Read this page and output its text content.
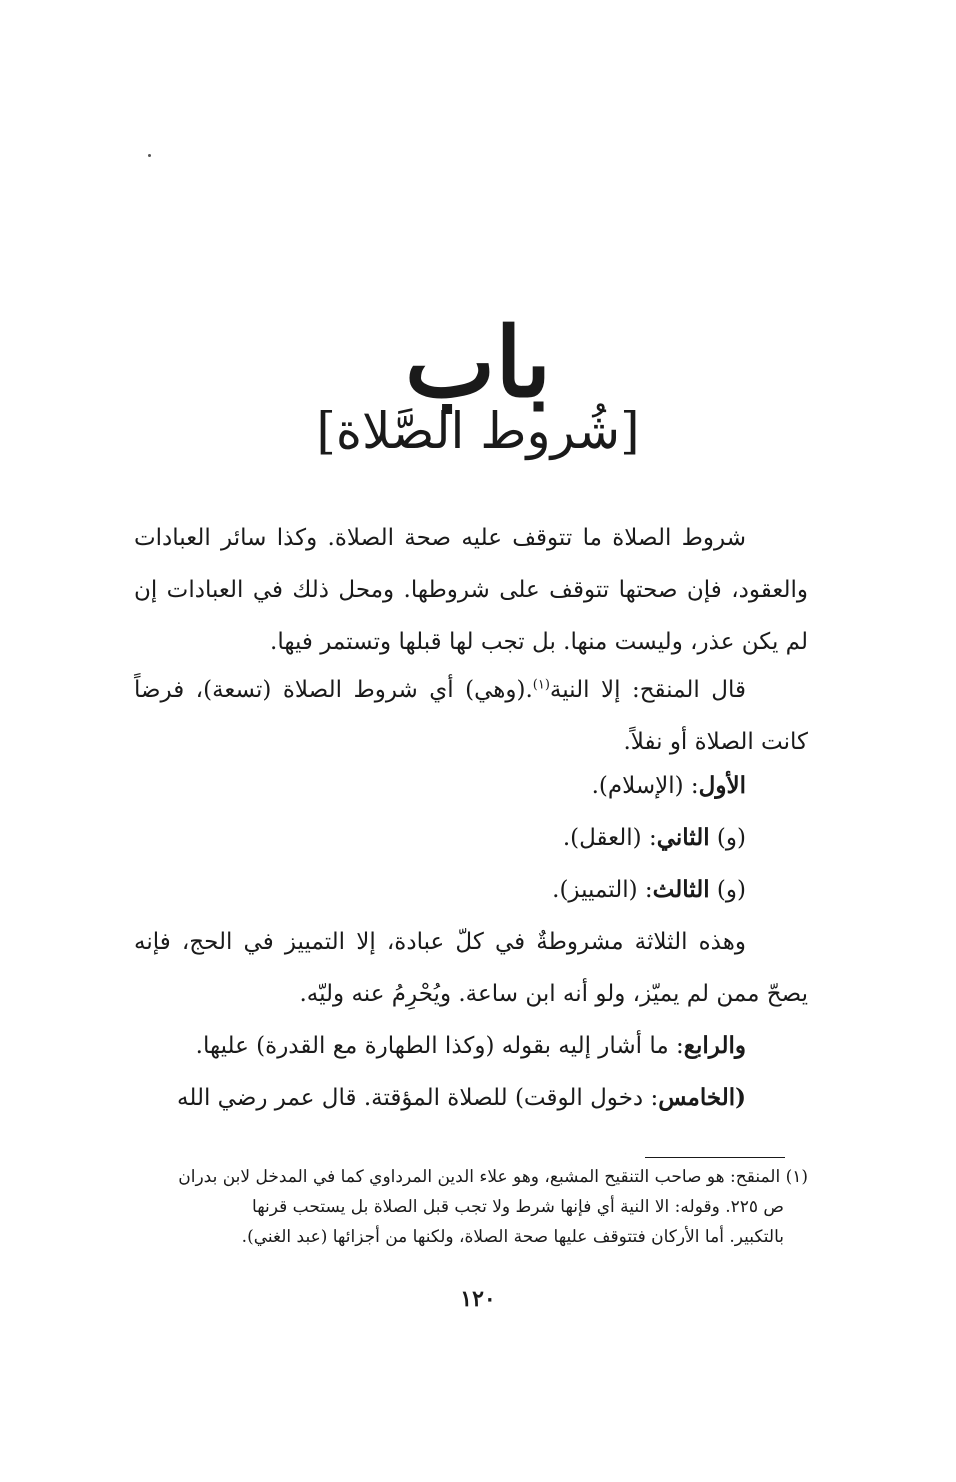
باب
[شُروط الصَّلاة]

شروط الصلاة ما تتوقف عليه صحة الصلاة. وكذا سائر العبادات والعقود، فإن صحتها تتوقف على شروطها. ومحل ذلك في العبادات إن لم يكن عذر، وليست منها. بل تجب لها قبلها وتستمر فيها.

قال المنقح: إلا النية$^{(١)}$.(وهي) أي شروط الصلاة (تسعة)، فرضاً كانت الصلاة أو نفلاً.

الأول: (الإسلام).

(و) الثاني: (العقل).

(و) الثالث: (التمييز).

وهذه الثلاثة مشروطةٌ في كلّ عبادة، إلا التمييز في الحج، فإنه يصحّ ممن لم يميّز، ولو أنه ابن ساعة. ويُحْرِمُ عنه وليّه.

والرابع: ما أشار إليه بقوله (وكذا الطهارة مع القدرة) عليها.

(الخامس: دخول الوقت) للصلاة المؤقتة. قال عمر رضي الله

(١) المنقح: هو صاحب التنقيح المشبع، وهو علاء الدين المرداوي كما في المدخل لابن بدران
ص ٢٢٥. وقوله: الا النية أي فإنها شرط ولا تجب قبل الصلاة بل يستحب قرنها
بالتكبير. أما الأركان فتتوقف عليها صحة الصلاة، ولكنها من أجزائها (عبد الغني).
١٢٠
